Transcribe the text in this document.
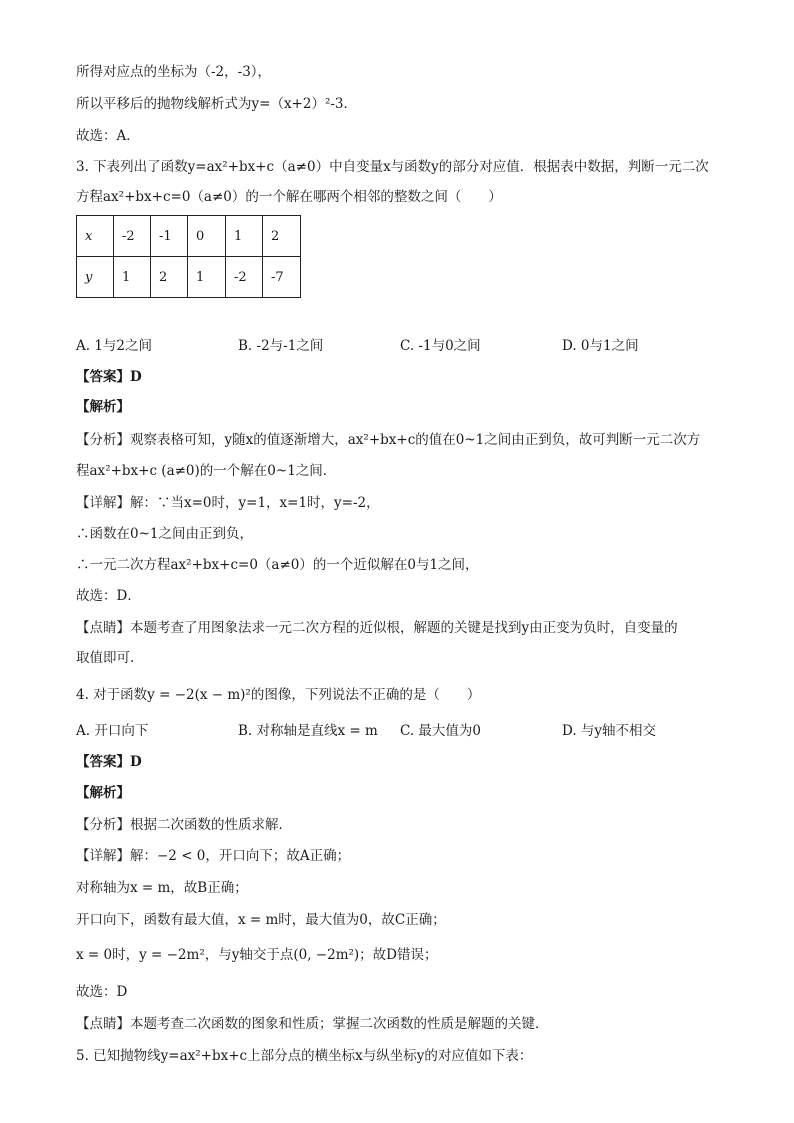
所得对应点的坐标为（-2，-3），
所以平移后的抛物线解析式为y=（x+2）²-3．
故选：A．
3. 下表列出了函数y=ax²+bx+c（a≠0）中自变量x与函数y的部分对应值．根据表中数据，判断一元二次
方程ax²+bx+c=0（a≠0）的一个解在哪两个相邻的整数之间（　　）
x	-2	-1	0	1	2
y	1	2	1	-2	-7
A. 1与2之间	B. -2与-1之间	C. -1与0之间	D. 0与1之间
【答案】D
【解析】
【分析】观察表格可知，y随x的值逐渐增大，ax²+bx+c的值在0~1之间由正到负，故可判断一元二次方
程ax²+bx+c (a≠0)的一个解在0~1之间．
【详解】解：∵当x=0时，y=1，x=1时，y=-2，
∴函数在0~1之间由正到负，
∴一元二次方程ax²+bx+c=0（a≠0）的一个近似解在0与1之间，
故选：D．
【点睛】本题考查了用图象法求一元二次方程的近似根，解题的关键是找到y由正变为负时，自变量的
取值即可.
4. 对于函数y = −2(x − m)²的图像，下列说法不正确的是（　　）
A. 开口向下	B. 对称轴是直线x = m C. 最大值为0	D. 与y轴不相交
【答案】D
【解析】
【分析】根据二次函数的性质求解．
【详解】解：−2 < 0，开口向下；故A正确；
对称轴为x = m，故B正确；
开口向下，函数有最大值，x = m时，最大值为0，故C正确；
x = 0时，y = −2m²，与y轴交于点(0, −2m²)；故D错误；
故选：D
【点睛】本题考查二次函数的图象和性质；掌握二次函数的性质是解题的关键．
5. 已知抛物线y=ax²+bx+c上部分点的横坐标x与纵坐标y的对应值如下表：
